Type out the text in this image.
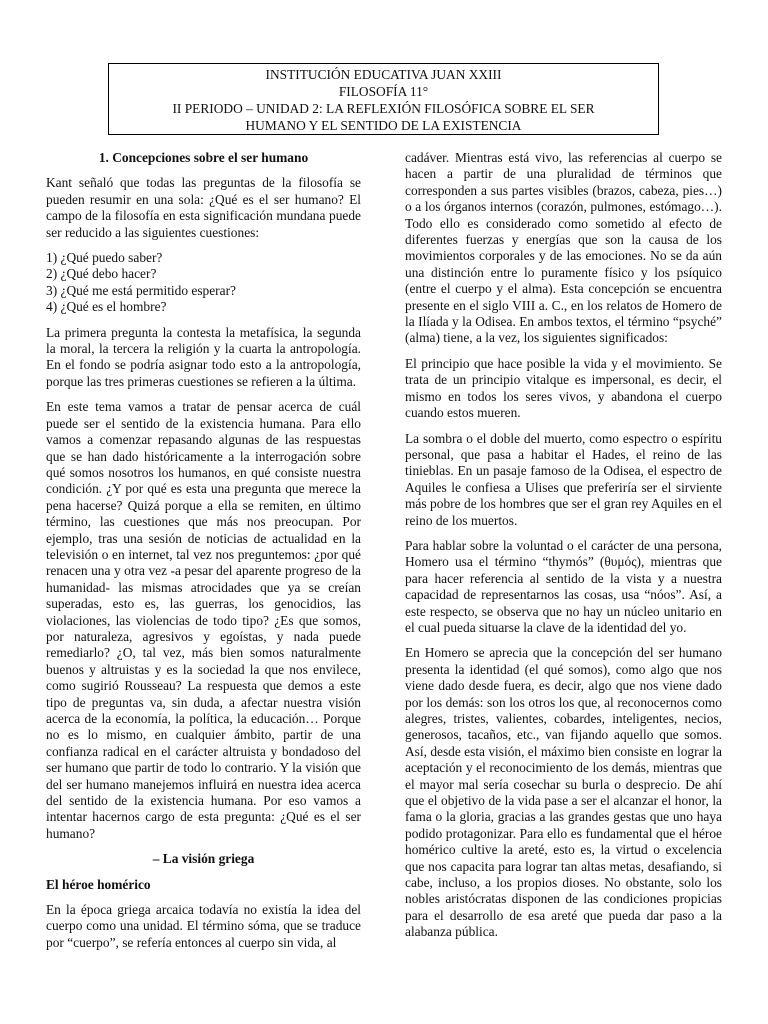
INSTITUCIÓN EDUCATIVA JUAN XXIII
FILOSOFÍA 11°
II PERIODO – UNIDAD 2: LA REFLEXIÓN FILOSÓFICA SOBRE EL SER
HUMANO Y EL SENTIDO DE LA EXISTENCIA
1. Concepciones sobre el ser humano

Kant señaló que todas las preguntas de la filosofía se pueden resumir en una sola: ¿Qué es el ser humano? El campo de la filosofía en esta significación mundana puede ser reducido a las siguientes cuestiones:

1) ¿Qué puedo saber?
2) ¿Qué debo hacer?
3) ¿Qué me está permitido esperar?
4) ¿Qué es el hombre?

La primera pregunta la contesta la metafísica, la segunda la moral, la tercera la religión y la cuarta la antropología. En el fondo se podría asignar todo esto a la antropología, porque las tres primeras cuestiones se refieren a la última.

En este tema vamos a tratar de pensar acerca de cuál puede ser el sentido de la existencia humana. Para ello vamos a comenzar repasando algunas de las respuestas que se han dado históricamente a la interrogación sobre qué somos nosotros los humanos, en qué consiste nuestra condición. ¿Y por qué es esta una pregunta que merece la pena hacerse? Quizá porque a ella se remiten, en último término, las cuestiones que más nos preocupan. Por ejemplo, tras una sesión de noticias de actualidad en la televisión o en internet, tal vez nos preguntemos: ¿por qué renacen una y otra vez -a pesar del aparente progreso de la humanidad- las mismas atrocidades que ya se creían superadas, esto es, las guerras, los genocidios, las violaciones, las violencias de todo tipo? ¿Es que somos, por naturaleza, agresivos y egoístas, y nada puede remediarlo? ¿O, tal vez, más bien somos naturalmente buenos y altruistas y es la sociedad la que nos envilece, como sugirió Rousseau? La respuesta que demos a este tipo de preguntas va, sin duda, a afectar nuestra visión acerca de la economía, la política, la educación… Porque no es lo mismo, en cualquier ámbito, partir de una confianza radical en el carácter altruista y bondadoso del ser humano que partir de todo lo contrario. Y la visión que del ser humano manejemos influirá en nuestra idea acerca del sentido de la existencia humana. Por eso vamos a intentar hacernos cargo de esta pregunta: ¿Qué es el ser humano?

– La visión griega
El héroe homérico

En la época griega arcaica todavía no existía la idea del cuerpo como una unidad. El término sóma, que se traduce por “cuerpo”, se refería entonces al cuerpo sin vida, al

cadáver. Mientras está vivo, las referencias al cuerpo se hacen a partir de una pluralidad de términos que corresponden a sus partes visibles (brazos, cabeza, pies…) o a los órganos internos (corazón, pulmones, estómago…). Todo ello es considerado como sometido al efecto de diferentes fuerzas y energías que son la causa de los movimientos corporales y de las emociones. No se da aún una distinción entre lo puramente físico y los psíquico (entre el cuerpo y el alma). Esta concepción se encuentra presente en el siglo VIII a. C., en los relatos de Homero de la Ilíada y la Odisea. En ambos textos, el término “psyché” (alma) tiene, a la vez, los siguientes significados:

El principio que hace posible la vida y el movimiento. Se trata de un principio vitalque es impersonal, es decir, el mismo en todos los seres vivos, y abandona el cuerpo cuando estos mueren.

La sombra o el doble del muerto, como espectro o espíritu personal, que pasa a habitar el Hades, el reino de las tinieblas. En un pasaje famoso de la Odisea, el espectro de Aquiles le confiesa a Ulises que preferiría ser el sirviente más pobre de los hombres que ser el gran rey Aquiles en el reino de los muertos.

Para hablar sobre la voluntad o el carácter de una persona, Homero usa el término “thymós” (θυμός), mientras que para hacer referencia al sentido de la vista y a nuestra capacidad de representarnos las cosas, usa “nóos”. Así, a este respecto, se observa que no hay un núcleo unitario en el cual pueda situarse la clave de la identidad del yo.

En Homero se aprecia que la concepción del ser humano presenta la identidad (el qué somos), como algo que nos viene dado desde fuera, es decir, algo que nos viene dado por los demás: son los otros los que, al reconocernos como alegres, tristes, valientes, cobardes, inteligentes, necios, generosos, tacaños, etc., van fijando aquello que somos. Así, desde esta visión, el máximo bien consiste en lograr la aceptación y el reconocimiento de los demás, mientras que el mayor mal sería cosechar su burla o desprecio. De ahí que el objetivo de la vida pase a ser el alcanzar el honor, la fama o la gloria, gracias a las grandes gestas que uno haya podido protagonizar. Para ello es fundamental que el héroe homérico cultive la areté, esto es, la virtud o excelencia que nos capacita para lograr tan altas metas, desafiando, si cabe, incluso, a los propios dioses. No obstante, solo los nobles aristócratas disponen de las condiciones propicias para el desarrollo de esa areté que pueda dar paso a la alabanza pública.
